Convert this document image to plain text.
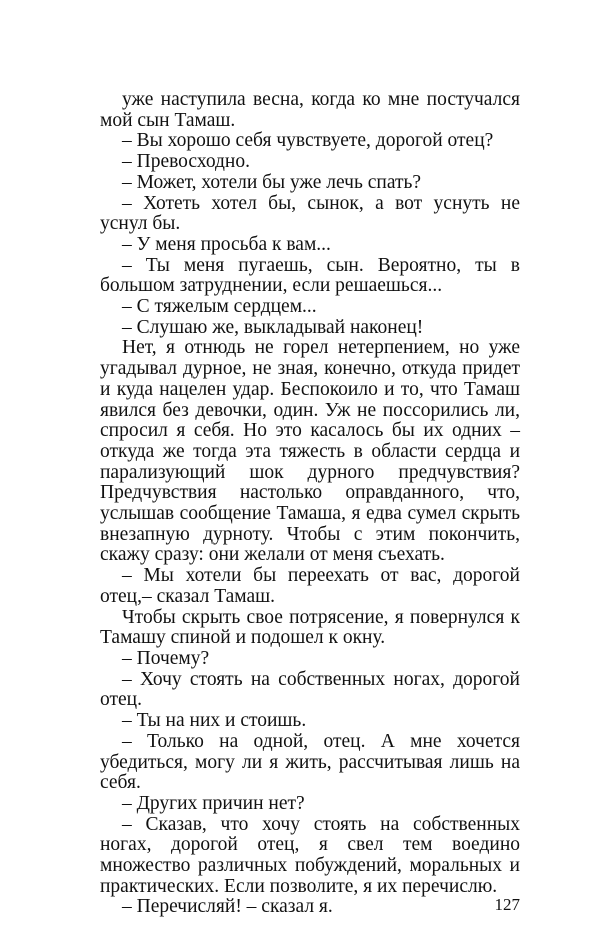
уже наступила весна, когда ко мне постучался мой сын Тамаш.

– Вы хорошо себя чувствуете, дорогой отец?

– Превосходно.

– Может, хотели бы уже лечь спать?

– Хотеть хотел бы, сынок, а вот уснуть не уснул бы.

– У меня просьба к вам...

– Ты меня пугаешь, сын. Вероятно, ты в большом затруднении, если решаешься...

– С тяжелым сердцем...

– Слушаю же, выкладывай наконец!

Нет, я отнюдь не горел нетерпением, но уже угадывал дурное, не зная, конечно, откуда придет и куда нацелен удар. Беспокоило и то, что Тамаш явился без девочки, один. Уж не поссорились ли, спросил я себя. Но это касалось бы их одних – откуда же тогда эта тяжесть в области сердца и парализующий шок дурного предчувствия? Предчувствия настолько оправданного, что, услышав сообщение Тамаша, я едва сумел скрыть внезапную дурноту. Чтобы с этим покончить, скажу сразу: они желали от меня съехать.

– Мы хотели бы переехать от вас, дорогой отец,– сказал Тамаш.

Чтобы скрыть свое потрясение, я повернулся к Тамашу спиной и подошел к окну.

– Почему?

– Хочу стоять на собственных ногах, дорогой отец.

– Ты на них и стоишь.

– Только на одной, отец. А мне хочется убедиться, могу ли я жить, рассчитывая лишь на себя.

– Других причин нет?

– Сказав, что хочу стоять на собственных ногах, дорогой отец, я свел тем воедино множество различных побуждений, моральных и практических. Если позволите, я их перечислю.

– Перечисляй! – сказал я.	127
